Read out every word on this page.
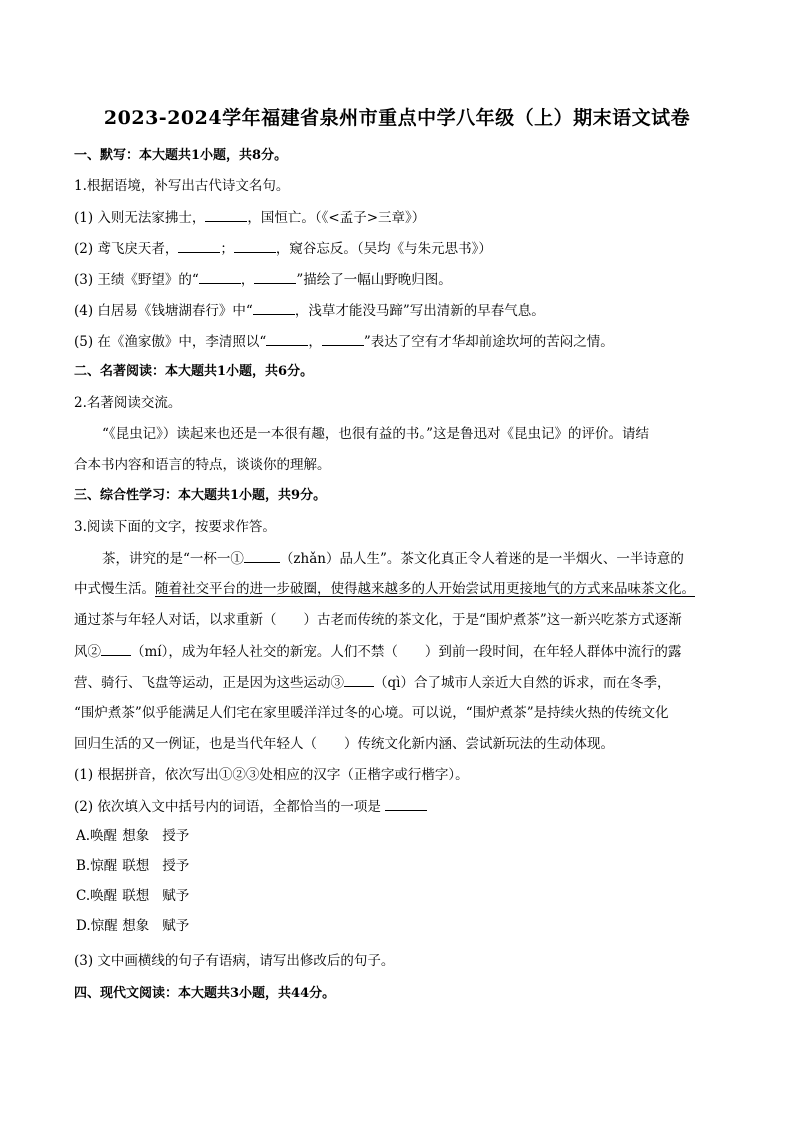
2023-2024学年福建省泉州市重点中学八年级（上）期末语文试卷
一、默写：本大题共1小题，共8分。
1.根据语境，补写出古代诗文名句。
(1) 入则无法家拂士，	，国恒亡。（《<孟子>三章》）
(2) 鸢飞戾天者，	；	，窥谷忘反。（吴均《与朱元思书》）
(3) 王绩《野望》的“	，	”描绘了一幅山野晚归图。
(4) 白居易《钱塘湖春行》中“	，浅草才能没马蹄”写出清新的早春气息。
(5) 在《渔家傲》中，李清照以“	，	”表达了空有才华却前途坎坷的苦闷之情。
二、名著阅读：本大题共1小题，共6分。
2.名著阅读交流。
“《昆虫记》）读起来也还是一本很有趣，也很有益的书。”这是鲁迅对《昆虫记》的评价。请结
合本书内容和语言的特点，谈谈你的理解。
三、综合性学习：本大题共1小题，共9分。
3.阅读下面的文字，按要求作答。
茶，讲究的是“一杯一①	（zhǎn）品人生”。茶文化真正令人着迷的是一半烟火、一半诗意的
中式慢生活。随着社交平台的进一步破圈，使得越来越多的人开始尝试用更接地气的方式来品味茶文化。
通过茶与年轻人对话，以求重新（　　）古老而传统的茶文化，于是“围炉煮茶”这一新兴吃茶方式逐渐
风② （mí），成为年轻人社交的新宠。人们不禁（　　）到前一段时间，在年轻人群体中流行的露
营、骑行、飞盘等运动，正是因为这些运动③ （qì）合了城市人亲近大自然的诉求，而在冬季，
“围炉煮茶”似乎能满足人们宅在家里暖洋洋过冬的心境。可以说，“围炉煮茶”是持续火热的传统文化
回归生活的又一例证，也是当代年轻人（　　）传统文化新内涵、尝试新玩法的生动体现。
(1) 根据拼音，依次写出①②③处相应的汉字（正楷字或行楷字）。
(2) 依次填入文中括号内的词语，全都恰当的一项是
A.唤醒 想象 授予
B.惊醒 联想 授予
C.唤醒 联想 赋予
D.惊醒 想象 赋予
(3) 文中画横线的句子有语病，请写出修改后的句子。
四、现代文阅读：本大题共3小题，共44分。
